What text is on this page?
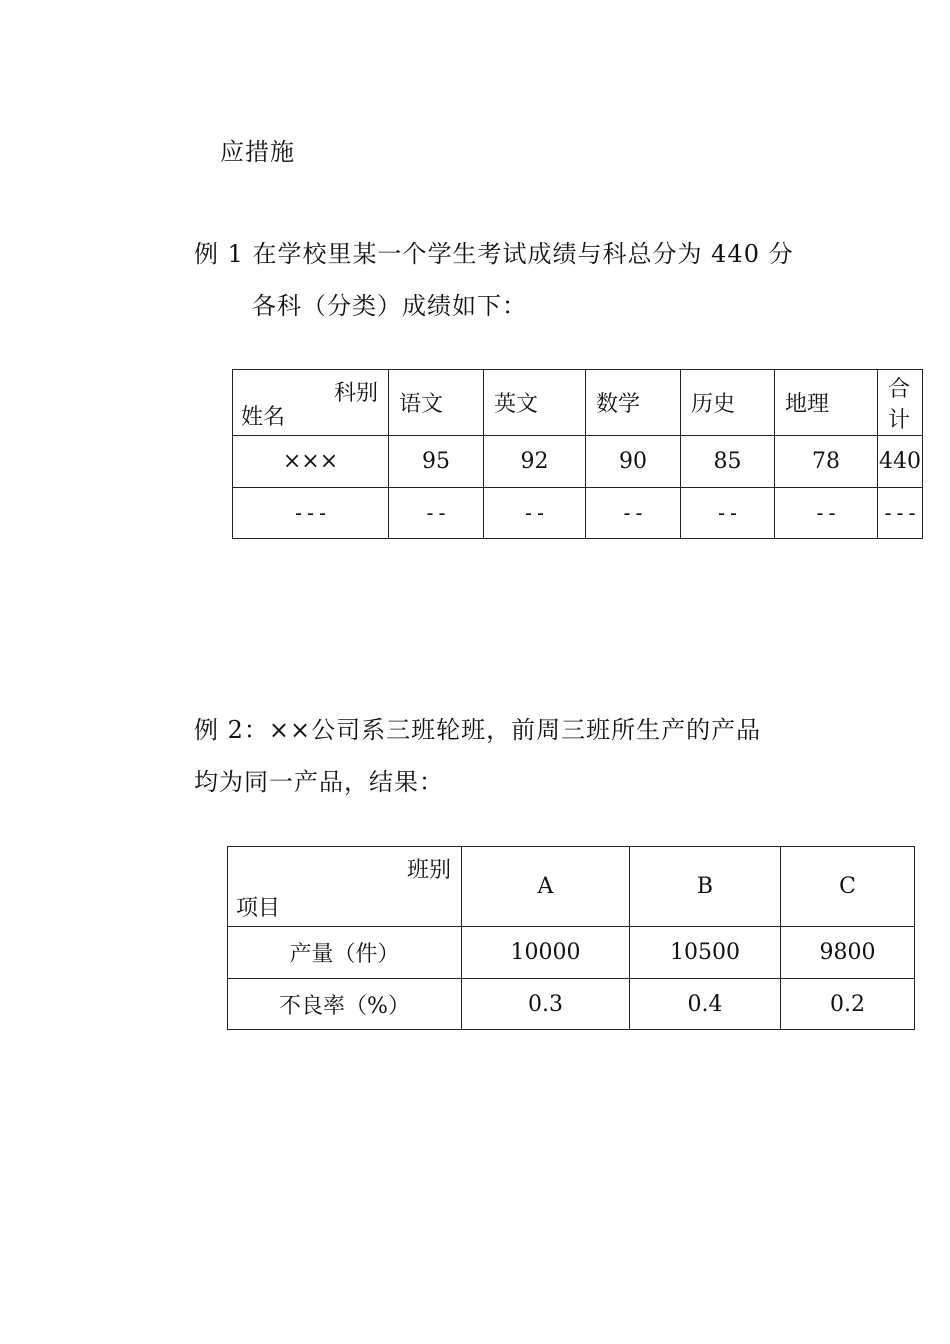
应措施
例 1 在学校里某一个学生考试成绩与科总分为 440 分
各科（分类）成绩如下：
科别
姓名	语文	英文	数学	历史	地理	合计
×××	95	92	90	85	78	440
---	--	--	--	--	--	---
例 2：××公司系三班轮班，前周三班所生产的产品
均为同一产品，结果：
班别
项目	A	B	C
产量（件）	10000	10500	9800
不良率（%）	0.3	0.4	0.2
